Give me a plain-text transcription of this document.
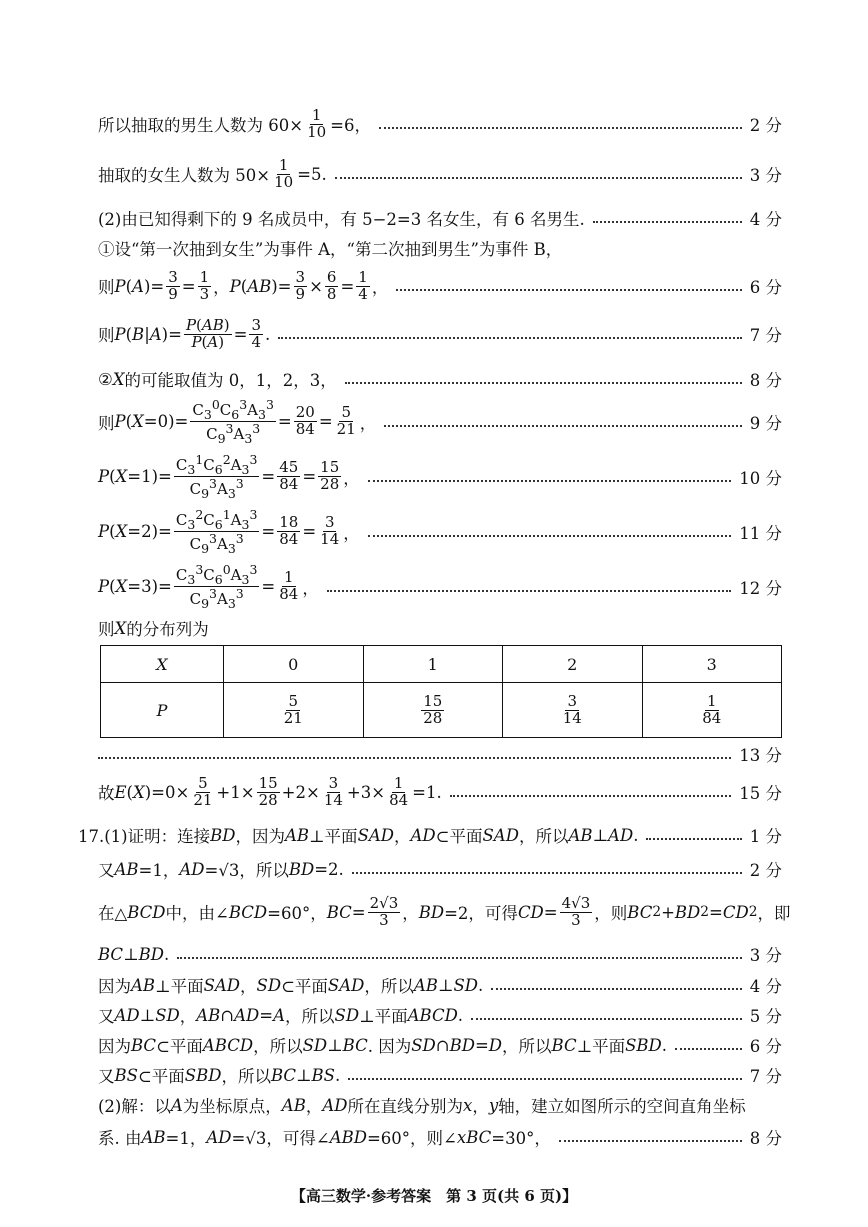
所以抽取的男生人数为 $60\times \frac{1}{10} =6$，	2 分
抽取的女生人数为 $50\times \frac{1}{10} =5$.	3 分
(2)由已知得剩下的 9 名成员中，有 5−2=3 名女生，有 6 名男生.	4 分
①设“第一次抽到女生”为事件 A，“第二次抽到男生”为事件 B，
则 P ( A )= $\frac{3}{9} = \frac{1}{3}$ ， P ( AB )= $\frac{3}{9} \times \frac{6}{8} = \frac{1}{4}$ ，	6 分
则 P ( B | A )= $\frac{P(AB)}{P(A)} = \frac{3}{4}$ .	7 分
② X 的可能取值为 0，1，2，3，	8 分
则 P ( $X =0)= \frac{C_3^0C_6^3A_3^3}{C_9^3A_3^3} = \frac{20}{84} = \frac{5}{21}$ ，	9 分
P ( $X =1)= \frac{C_3^1C_6^2A_3^3}{C_9^3A_3^3} = \frac{45}{84} = \frac{15}{28}$ ，	10 分
P ( $X =2)= \frac{C_3^2C_6^1A_3^3}{C_9^3A_3^3} = \frac{18}{84} = \frac{3}{14}$ ，	11 分
P ( $X =3)= \frac{C_3^3C_6^0A_3^3}{C_9^3A_3^3} = \frac{1}{84}$ ，	12 分
则 X 的分布列为
X	0	1	2	3
P	$\frac{5}{21}$	$\frac{15}{28}$	$\frac{3}{14}$	$\frac{1}{84}$
13 分
故 E ( X )$=0\times \frac{5}{21} +1\times \frac{15}{28} +2\times \frac{3}{14} +3\times \frac{1}{84} =1$.	15 分
17.(1)证明：连接 BD ，因为 AB ⊥平面 SAD ， AD ⊂平面 SAD ，所以 AB ⊥ AD .	1 分
又 AB =1， AD =√3，所以 BD =2.	2 分
在△ BCD 中，由∠ BCD =60°， BC = $\frac{2√3}{3}$ ， BD =2，可得 CD = $\frac{4√3}{3}$ ，则 BC 2 + BD 2 = CD 2 ，即
BC ⊥ BD .	3 分
因为 AB ⊥平面 SAD ， SD ⊂平面 SAD ，所以 AB ⊥ SD .	4 分
又 AD ⊥ SD ， AB ∩ AD = A ，所以 SD ⊥平面 ABCD .	5 分
因为 BC ⊂平面 ABCD ，所以 SD ⊥ BC . 因为 SD ∩ BD = D ，所以 BC ⊥平面 SBD .	6 分
又 BS ⊂平面 SBD ，所以 BC ⊥ BS .	7 分
(2)解：以 A 为坐标原点， AB ， AD 所在直线分别为 x ， y 轴，建立如图所示的空间直角坐标
系. 由 AB =1， AD =√3，可得∠ ABD =60°，则∠ xBC =30°，	8 分
【高三数学·参考答案　第 3 页(共 6 页)】
